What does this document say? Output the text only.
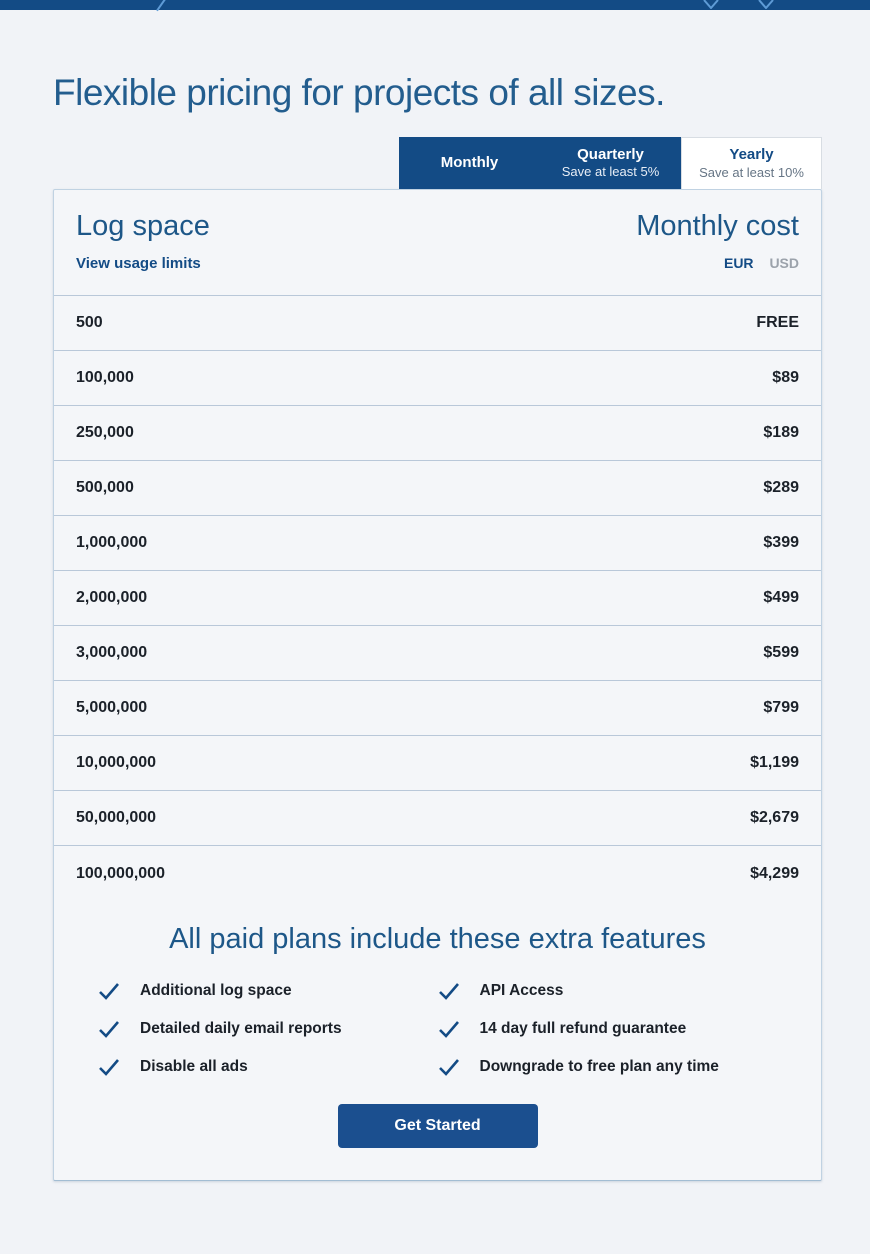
Flexible pricing for projects of all sizes.
Monthly	Quarterly
Save at least 5%
Yearly
Save at least 10%
Log space	Monthly cost
View usage limits	EUR USD
500	FREE
100,000	$89
250,000	$189
500,000	$289
1,000,000	$399
2,000,000	$499
3,000,000	$599
5,000,000	$799
10,000,000	$1,199
50,000,000	$2,679
100,000,000	$4,299
All paid plans include these extra features
Additional log space
Detailed daily email reports
Disable all ads
API Access
14 day full refund guarantee
Downgrade to free plan any time
Get Started
